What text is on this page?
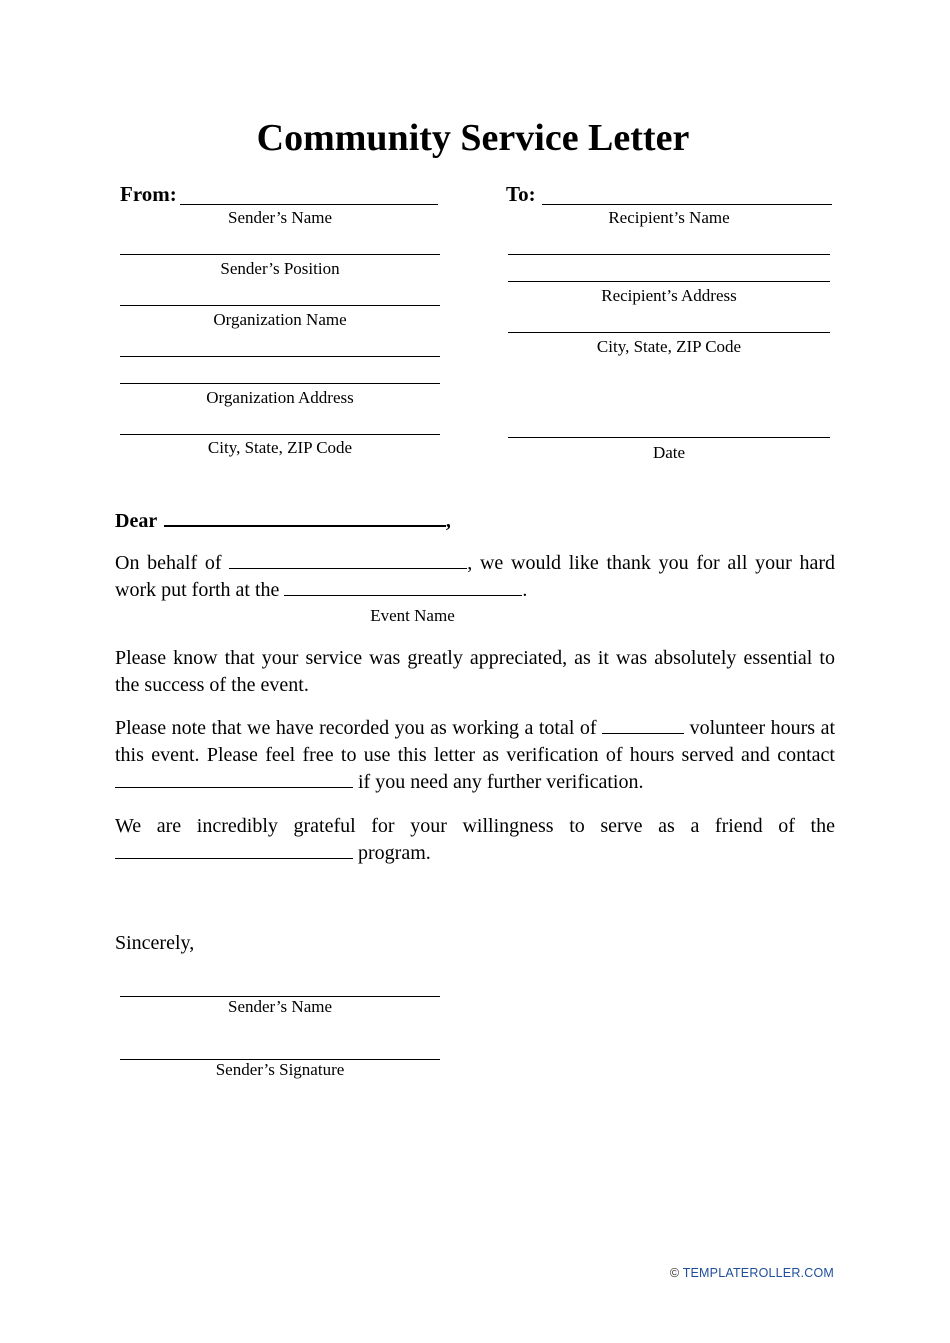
Community Service Letter
From:
Sender’s Name
Sender’s Position
Organization Name
Organization Address
City, State, ZIP Code
To:
Recipient’s Name
Recipient’s Address
City, State, ZIP Code
Date
Dear	,
On behalf of	, we would like thank you for all your hard work put forth at the	.
Event Name
Please know that your service was greatly appreciated, as it was absolutely essential to the success of the event.
Please note that we have recorded you as working a total of	volunteer hours at this event. Please feel free to use this letter as verification of hours served and contact  if you need any further verification.
We are incredibly grateful for your willingness to serve as a friend of the  program.
Sincerely,
Sender’s Name
Sender’s Signature
© TEMPLATEROLLER.COM
